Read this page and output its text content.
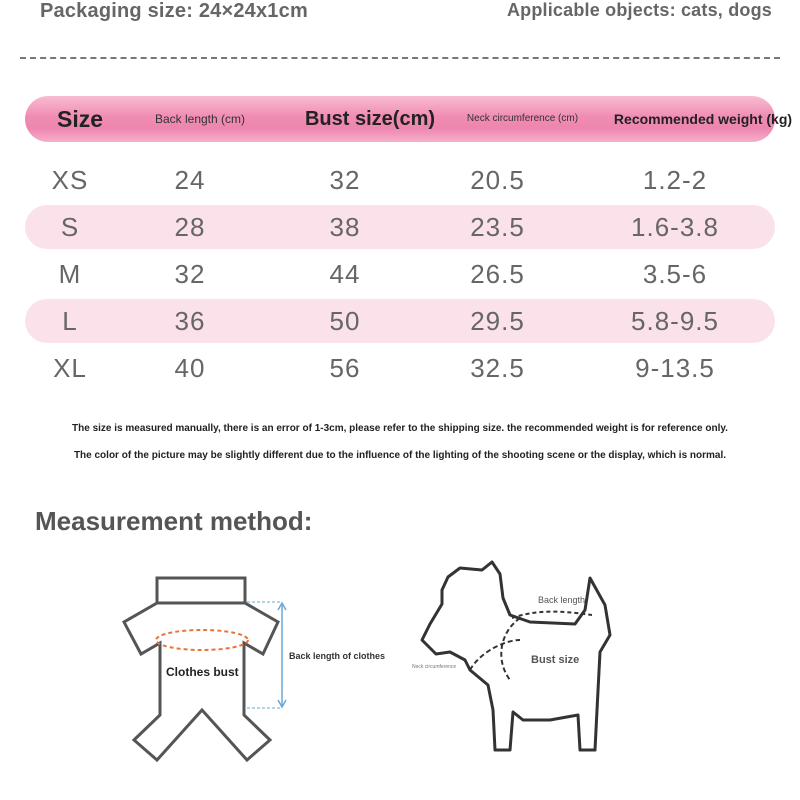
Packaging size: 24×24x1cm	Applicable objects: cats, dogs
Size	Back length (cm)	Bust size(cm)	Neck circumference (cm)	Recommended weight (kg)
XS	24	32	20.5	1.2-2
S	28	38	23.5	1.6-3.8
M	32	44	26.5	3.5-6
L	36	50	29.5	5.8-9.5
XL	40	56	32.5	9-13.5
The size is measured manually, there is an error of 1-3cm, please refer to the shipping size. the recommended weight is for reference only.
The color of the picture may be slightly different due to the influence of the lighting of the shooting scene or the display, which is normal.
Measurement method:
Clothes bust
Back length of clothes
Back length
Bust size
Neck circumference
